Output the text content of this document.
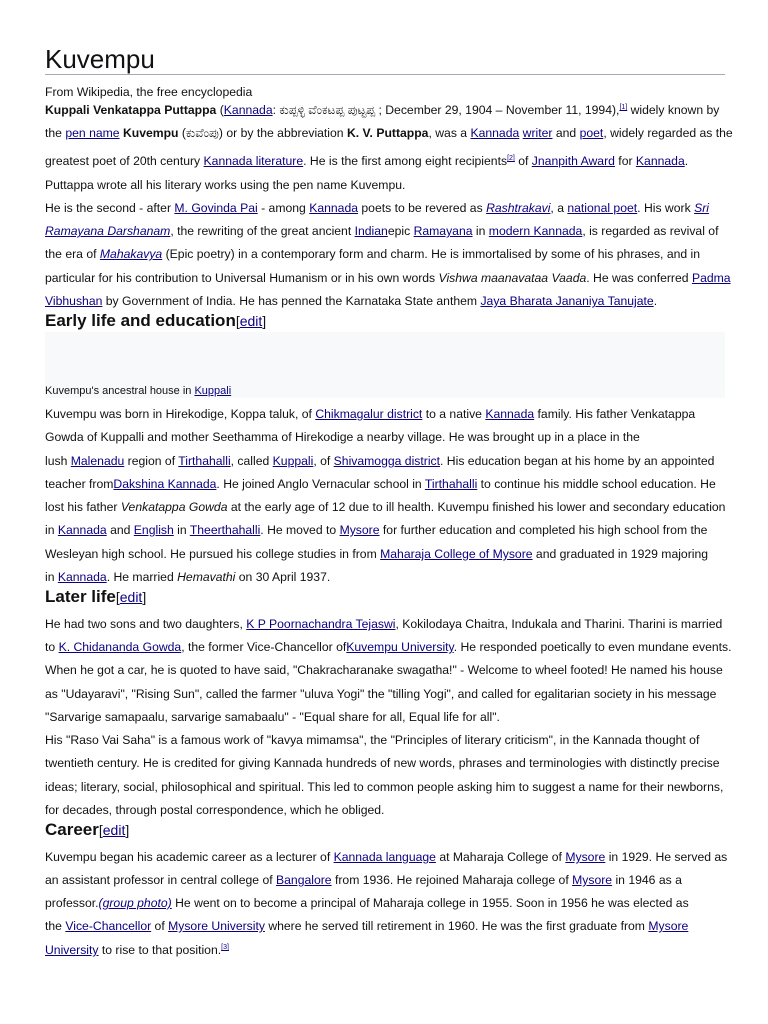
Kuvempu
From Wikipedia, the free encyclopedia
Kuppali Venkatappa Puttappa (Kannada: ಕುಪ್ಪಳ್ಳಿ ವೆಂಕಟಪ್ಪ ಪುಟ್ಟಪ್ಪ ; December 29, 1904 – November 11, 1994),[1] widely known by
the pen name Kuvempu (ಕುವೆಂಪು) or by the abbreviation K. V. Puttappa, was a Kannada writer and poet, widely regarded as the
greatest poet of 20th century Kannada literature. He is the first among eight recipients[2] of Jnanpith Award for Kannada.
Puttappa wrote all his literary works using the pen name Kuvempu.
He is the second - after M. Govinda Pai - among Kannada poets to be revered as Rashtrakavi, a national poet. His work Sri
Ramayana Darshanam, the rewriting of the great ancient Indianepic Ramayana in modern Kannada, is regarded as revival of
the era of Mahakavya (Epic poetry) in a contemporary form and charm. He is immortalised by some of his phrases, and in
particular for his contribution to Universal Humanism or in his own words Vishwa maanavataa Vaada. He was conferred Padma
Vibhushan by Government of India. He has penned the Karnataka State anthem Jaya Bharata Jananiya Tanujate.
Early life and education[edit]
Kuvempu's ancestral house in Kuppali
Kuvempu was born in Hirekodige, Koppa taluk, of Chikmagalur district to a native Kannada family. His father Venkatappa
Gowda of Kuppalli and mother Seethamma of Hirekodige a nearby village. He was brought up in a place in the
lush Malenadu region of Tirthahalli, called Kuppali, of Shivamogga district. His education began at his home by an appointed
teacher fromDakshina Kannada. He joined Anglo Vernacular school in Tirthahalli to continue his middle school education. He
lost his father Venkatappa Gowda at the early age of 12 due to ill health. Kuvempu finished his lower and secondary education
in Kannada and English in Theerthahalli. He moved to Mysore for further education and completed his high school from the
Wesleyan high school. He pursued his college studies in from Maharaja College of Mysore and graduated in 1929 majoring
in Kannada. He married Hemavathi on 30 April 1937.
Later life[edit]
He had two sons and two daughters, K P Poornachandra Tejaswi, Kokilodaya Chaitra, Indukala and Tharini. Tharini is married
to K. Chidananda Gowda, the former Vice-Chancellor ofKuvempu University. He responded poetically to even mundane events.
When he got a car, he is quoted to have said, "Chakracharanake swagatha!" - Welcome to wheel footed! He named his house
as "Udayaravi", "Rising Sun", called the farmer "uluva Yogi" the "tilling Yogi", and called for egalitarian society in his message
"Sarvarige samapaalu, sarvarige samabaalu" - "Equal share for all, Equal life for all".
His "Raso Vai Saha" is a famous work of "kavya mimamsa", the "Principles of literary criticism", in the Kannada thought of
twentieth century. He is credited for giving Kannada hundreds of new words, phrases and terminologies with distinctly precise
ideas; literary, social, philosophical and spiritual. This led to common people asking him to suggest a name for their newborns,
for decades, through postal correspondence, which he obliged.
Career[edit]
Kuvempu began his academic career as a lecturer of Kannada language at Maharaja College of Mysore in 1929. He served as
an assistant professor in central college of Bangalore from 1936. He rejoined Maharaja college of Mysore in 1946 as a
professor.(group photo) He went on to become a principal of Maharaja college in 1955. Soon in 1956 he was elected as
the Vice-Chancellor of Mysore University where he served till retirement in 1960. He was the first graduate from Mysore
University to rise to that position.[3]
